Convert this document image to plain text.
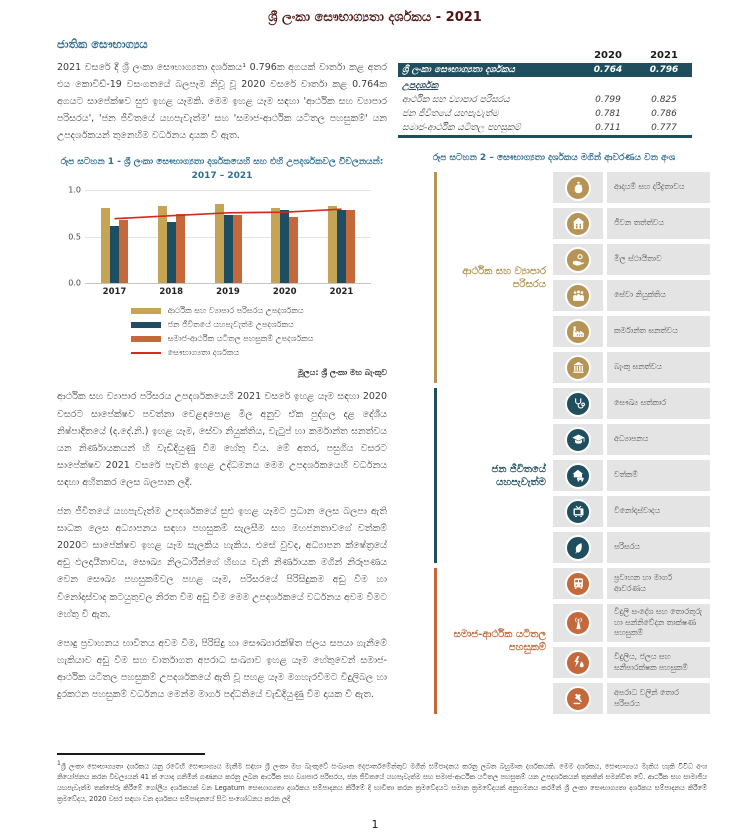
ශ්‍රී ලංකා සෞභාග්‍යතා දර්ශකය - 2021
ජාතික සෞභාග්‍යය

2021 වසරේ දී ශ්‍රී ලංකා සෞභාග්‍යතා දර්ශකය¹ 0.796ක අගයක් වාර්තා කළ අතර එය කොවිඩ්-19 වසංගතයේ බලපෑම නිවූ වූ 2020 වසරේ වාර්තා කළ 0.764ක අගයට සාපේක්ෂව සුළු ඉහළ යෑමකි. මෙම ඉහළ යෑම සඳහා 'ආර්ථික සහ ව්‍යාපාර පරිසරය', 'ජන ජීවිතයේ යහපැවැත්ම' සහ 'සමාජ-ආර්ථික යටිතල පහසුකම්' යන උපදර්ශකයන් තුනෙහිම වර්ධනය දායක වී ඇත.

රූප සටහන 1 - ශ්‍රී ලංකා සෞභාග්‍යතා දර්ශකයෙහි සහ එහි උපදර්ශකවල විචලනයන්: 2017 – 2021
1.0
0.5
0.0
2017	2018	2019	2020	2021
ආර්ථික සහ ව්‍යාපාර පරිසරය උපදර්ශකය
ජන ජීවිතයේ යහපැවැත්ම උපදර්ශකය
සමාජ-ආර්ථික යටිතල පහසුකම් උපදර්ශකය
සෞභාග්‍යතා දර්ශකය
මූලය: ශ්‍රී ලංකා මහ බැංකුව

ආර්ථික සහ ව්‍යාපාර පරිසරය උපදර්ශකයෙහි 2021 වසරේ ඉහළ යෑම සඳහා 2020 වසරට සාපේක්ෂව පවත්නා වෙළඳපොළ මිල අනුව ඒක පුද්ගල දළ දේශීය නිෂ්පාදිතයේ (ද.දේ.නි.) ඉහළ යෑම, සේවා නියුක්තිය, වැටුප් හා කර්මාන්ත ඝනත්වය යන නිර්ණායකයන් හි වැඩිදියුණු වීම හේතු විය. මේ අතර, පසුගිය වසරට සාපේක්ෂව 2021 වසරේ පැවති ඉහළ උද්ධමනය මෙම උපදර්ශකයෙහි වර්ධනය සඳහා අහිතකර ලෙස බලපාන ලදී.

ජන ජීවිතයේ යහපැවැත්ම උපදර්ශකයේ සුළු ඉහළ යෑමට ප්‍රධාන ලෙස බලපා ඇති සාධක ලෙස අධ්‍යාපනය සඳහා පහසුකම් සැලසීම සහ මහජනතාවගේ වත්කම් 2020ට සාපේක්ෂව ඉහළ යෑම සැලකිය හැකිය. එසේ වුවද, අධ්‍යාපන ක්ෂේත්‍රයේ අඩු ඵලදායීතාවය, සෞඛ්‍ය නිලධාරීන්ගේ හිඟය වැනි නිර්ණායක මගින් නිරූපණය වෙන සෞඛ්‍ය පහසුකම්වල පහළ යෑම, පරිසරයේ පිරිසිදුකම අඩු වීම හා විනෝදාස්වාද කටයුතුවල නිරත වීම අඩු වීම මෙම උපදර්ශකයේ වර්ධනය අවම වීමට හේතු වී ඇත.

පොදු ප්‍රවාහනය භාවිතය අවම වීම, පිරිසිදු හා සෞඛ්‍යාරක්ෂිත ජලය සපයා ගැනීමේ හැකියාව අඩු වීම සහ වාර්තාගත අපරාධ සංඛ්‍යාව ඉහළ යෑම හේතුවෙන් සමාජ-ආර්ථික යටිතල පහසුකම් උපදර්ශකයේ ඇති වූ පහළ යෑම මගහැරවීමට විදුලිබල හා දුරකථන පහසුකම් වර්ධනය මෙන්ම මාර්ග පද්ධතියේ වැඩිදියුණු වීම දායක වී ඇත.

	2020	2021
ශ්‍රී ලංකා සෞභාග්‍යතා දර්ශකය	0.764	0.796
උපදර්ශක		
ආර්ථික සහ ව්‍යාපාර පරිසරය	0.799	0.825
ජන ජීවිතයේ යහපැවැත්ම	0.781	0.786
සමාජ-ආර්ථික යටිතල පහසුකම්	0.711	0.777
රූප සටහන 2 – සෞභාග්‍යතා දර්ශකය මගින් ආවරණය වන අංශ
ආදායම් සහ දරිද්‍රතාවය
ජීවන තත්ත්වය
මිල ස්ථායීතාව
සේවා නියුක්තිය
කර්මාන්ත ඝනත්වය
බැංකු ඝනත්වය
සෞඛ්‍ය සත්කාර
අධ්‍යාපනය
වත්කම්
විනෝදාස්වාදය
පරිසරය
ප්‍රවාහන හා මාර්ග ආවරණය
විදුලි සංදේශ සහ තොරතුරු හා සන්නිවේදන තාක්ෂණ පහසුකම්
විදුලිය, ජලය සහ සනීපාරක්ෂක පහසුකම්
අපරාධ වලින් තොර පරිසරය
ආර්ථික සහ ව්‍යාපාර පරිසරය
ජන ජීවිතයේ යහපැවැත්ම
සමාජ-ආර්ථික යටිතල පහසුකම්
$^1$ශ්‍රී ලංකා සෞභාග්‍යතා දර්ශකය යනු රටෙහි සෞභාග්‍යය මැනීම සඳහා ශ්‍රී ලංකා මහ බැංකුවේ සංඛ්‍යාන දෙපාර්තමේන්තුව මගින් සම්පාදනය කරනු ලබන බහුමාන දර්ශකයකි. මෙම දර්ශකය, සෞභාග්‍යය මැනිය හැකි විවිධ අංශ නියෝජනය කරන විචල්‍යයන් 41 ක් යොදා ගනිමින් ගණනය කරනු ලබන ආර්ථික සහ ව්‍යාපාර පරිසරය, ජන ජීවිතයේ යහපැවැත්ම සහ සමාජ-ආර්ථික යටිතල පහසුකම් යන උපදර්ශකයන් තුනකින් සමන්විත වේ. ආර්ථික සහ සාමාජීය යහපැවැත්ම තක්සේරු කිරීමේ ගෝලීය දර්ශකයක් වන Legatum සෞභාග්‍යතා දර්ශකය සම්පාදනය කිරීමේ දී භාවිතා කරන ක්‍රමවේදයට සමාන ක්‍රමවේදයක් අනුගමනය කරමින් ශ්‍රී ලංකා සෞභාග්‍යතා දර්ශකය සම්පාදනය කිරීමේ ක්‍රමවේදය, 2020 වසර සඳහා වන දර්ශකය සම්පාදනයේ සිට සංශෝධනය කරන ලදී
1
